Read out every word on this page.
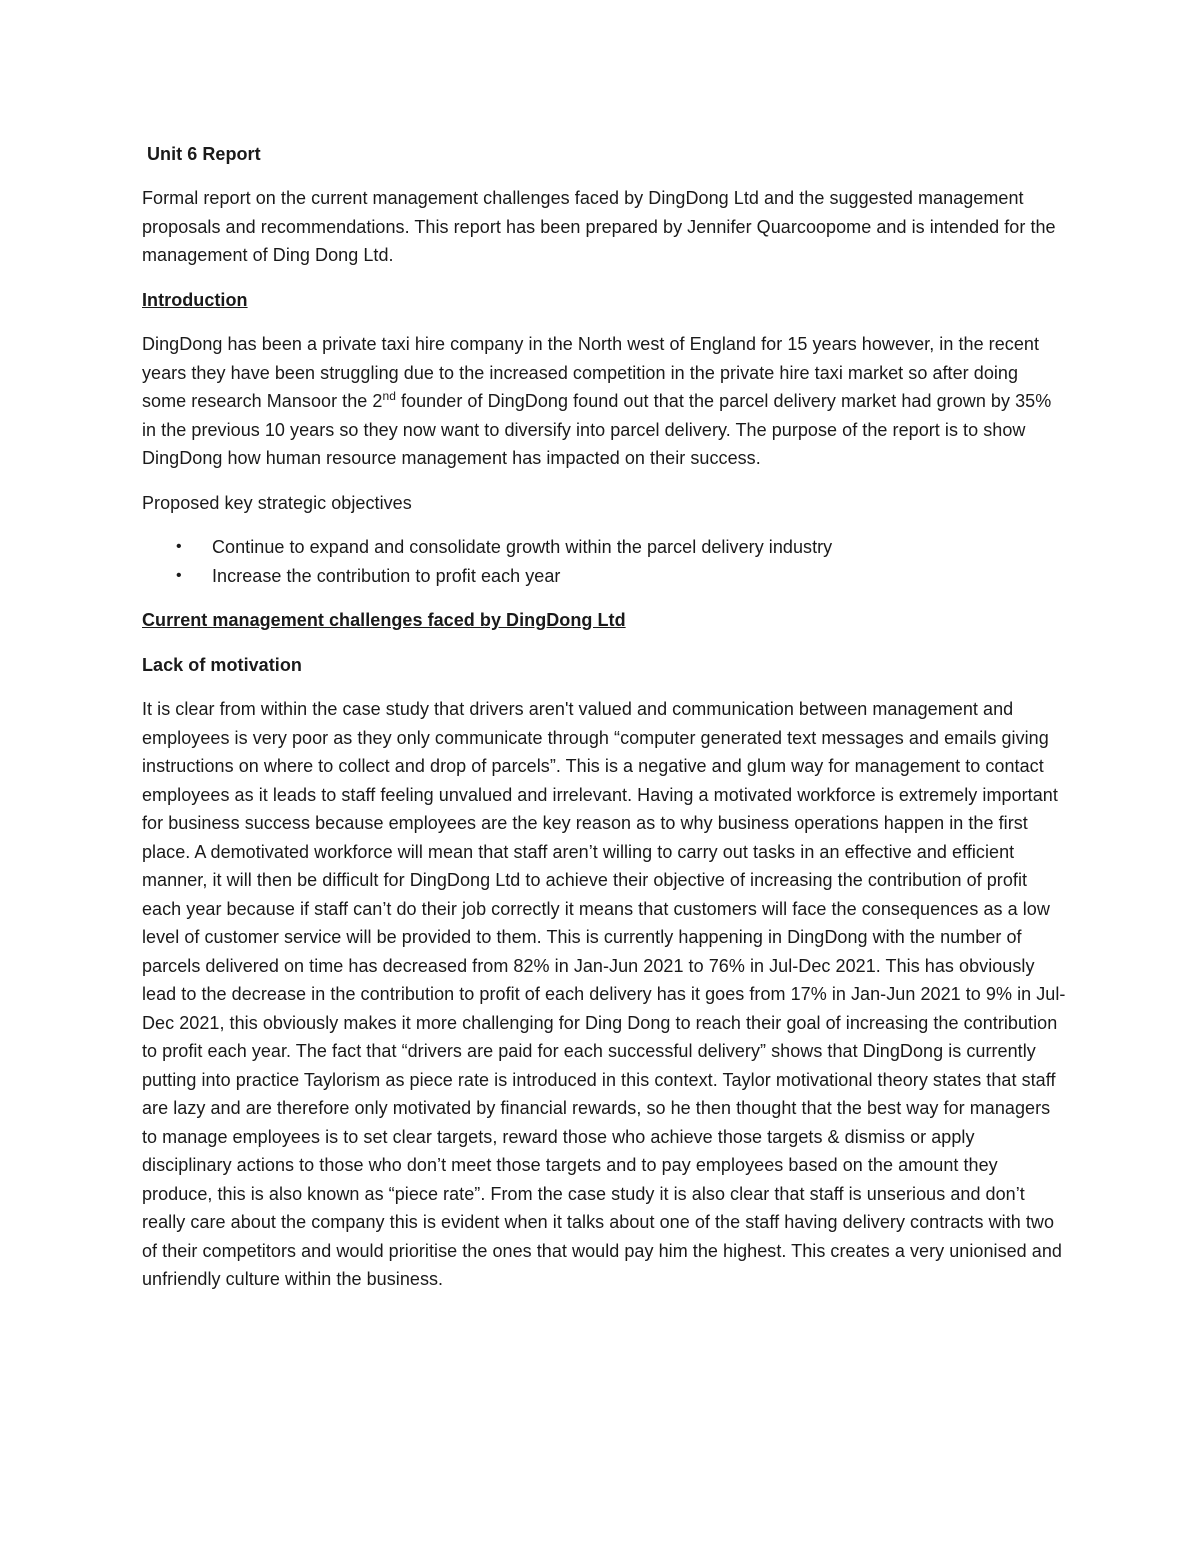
Unit 6 Report

Formal report on the current management challenges faced by DingDong Ltd and the suggested management proposals and recommendations. This report has been prepared by Jennifer Quarcoopome and is intended for the management of Ding Dong Ltd.

Introduction

DingDong has been a private taxi hire company in the North west of England for 15 years however, in the recent years they have been struggling due to the increased competition in the private hire taxi market so after doing some research Mansoor the 2nd founder of DingDong found out that the parcel delivery market had grown by 35% in the previous 10 years so they now want to diversify into parcel delivery. The purpose of the report is to show DingDong how human resource management has impacted on their success.

Proposed key strategic objectives

• Continue to expand and consolidate growth within the parcel delivery industry
• Increase the contribution to profit each year

Current management challenges faced by DingDong Ltd

Lack of motivation

It is clear from within the case study that drivers aren't valued and communication between management and employees is very poor as they only communicate through “computer generated text messages and emails giving instructions on where to collect and drop of parcels”. This is a negative and glum way for management to contact employees as it leads to staff feeling unvalued and irrelevant. Having a motivated workforce is extremely important for business success because employees are the key reason as to why business operations happen in the first place. A demotivated workforce will mean that staff aren’t willing to carry out tasks in an effective and efficient manner, it will then be difficult for DingDong Ltd to achieve their objective of increasing the contribution of profit each year because if staff can’t do their job correctly it means that customers will face the consequences as a low level of customer service will be provided to them. This is currently happening in DingDong with the number of parcels delivered on time has decreased from 82% in Jan-Jun 2021 to 76% in Jul-Dec 2021. This has obviously lead to the decrease in the contribution to profit of each delivery has it goes from 17% in Jan-Jun 2021 to 9% in Jul-Dec 2021, this obviously makes it more challenging for Ding Dong to reach their goal of increasing the contribution to profit each year. The fact that “drivers are paid for each successful delivery” shows that DingDong is currently putting into practice Taylorism as piece rate is introduced in this context. Taylor motivational theory states that staff are lazy and are therefore only motivated by financial rewards, so he then thought that the best way for managers to manage employees is to set clear targets, reward those who achieve those targets & dismiss or apply disciplinary actions to those who don’t meet those targets and to pay employees based on the amount they produce, this is also known as “piece rate”. From the case study it is also clear that staff is unserious and don’t really care about the company this is evident when it talks about one of the staff having delivery contracts with two of their competitors and would prioritise the ones that would pay him the highest. This creates a very unionised and unfriendly culture within the business.
